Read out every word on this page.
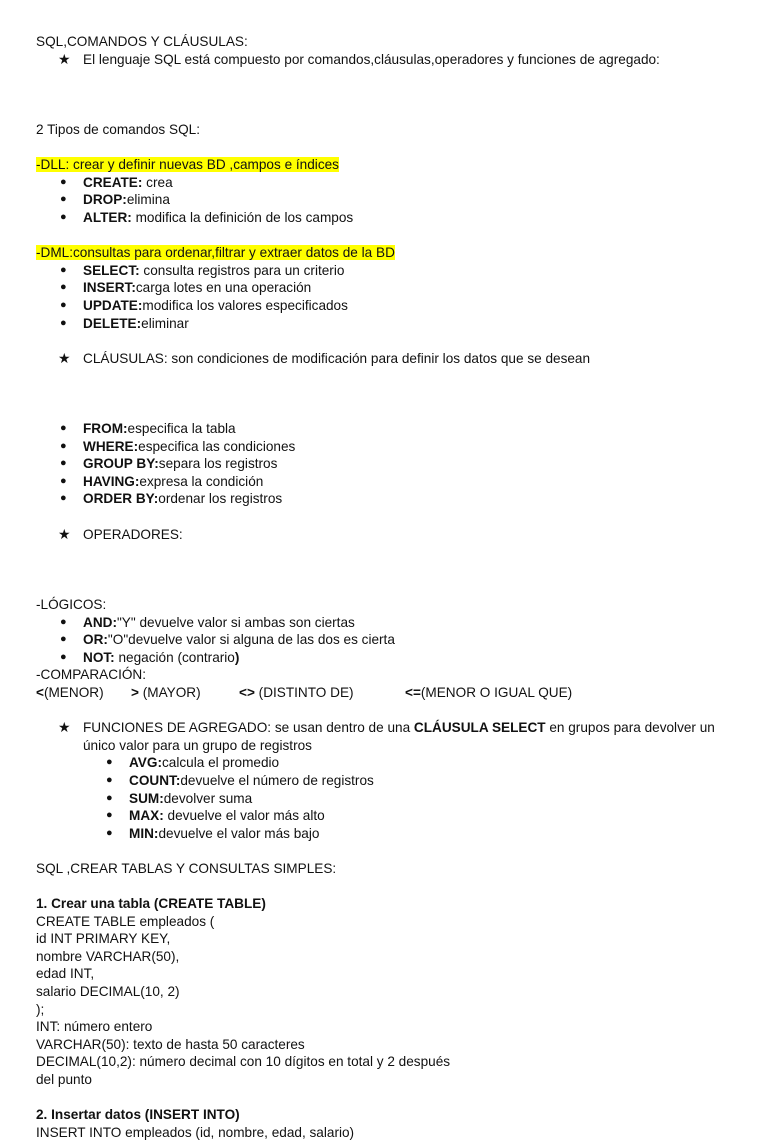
SQL,COMANDOS Y CLÁUSULAS:

★

El lenguaje SQL está compuesto por comandos,cláusulas,operadores y funciones de agregado:

2 Tipos de comandos SQL:
-DLL: crear y definir nuevas BD ,campos e índices
● CREATE: crea
● DROP:elimina
● ALTER: modifica la definición de los campos
-DML:consultas para ordenar,filtrar y extraer datos de la BD
● SELECT: consulta registros para un criterio
● INSERT:carga lotes en una operación
● UPDATE:modifica los valores especificados
● DELETE:eliminar

★

CLÁUSULAS: son condiciones de modificación para definir los datos que se desean

● FROM:especifica la tabla
● WHERE:especifica las condiciones
● GROUP BY:separa los registros
● HAVING:expresa la condición
● ORDER BY:ordenar los registros

★

OPERADORES:

-LÓGICOS:
● AND:"Y" devuelve valor si ambas son ciertas
● OR:"O"devuelve valor si alguna de las dos es cierta
● NOT: negación (contrario)
-COMPARACIÓN:
<(MENOR) > (MAYOR)	<> (DISTINTO DE)	<=(MENOR O IGUAL QUE)

★

FUNCIONES DE AGREGADO: se usan dentro de una CLÁUSULA SELECT en grupos para devolver un único valor para un grupo de registros

● AVG:calcula el promedio
● COUNT:devuelve el número de registros
● SUM:devolver suma
● MAX: devuelve el valor más alto
● MIN:devuelve el valor más bajo
SQL ,CREAR TABLAS Y CONSULTAS SIMPLES:
1. Crear una tabla (CREATE TABLE)
CREATE TABLE empleados (
id INT PRIMARY KEY,
nombre VARCHAR(50),
edad INT,
salario DECIMAL(10, 2)
);
INT: número entero
VARCHAR(50): texto de hasta 50 caracteres
DECIMAL(10,2): número decimal con 10 dígitos en total y 2 después
del punto
2. Insertar datos (INSERT INTO)
INSERT INTO empleados (id, nombre, edad, salario)
